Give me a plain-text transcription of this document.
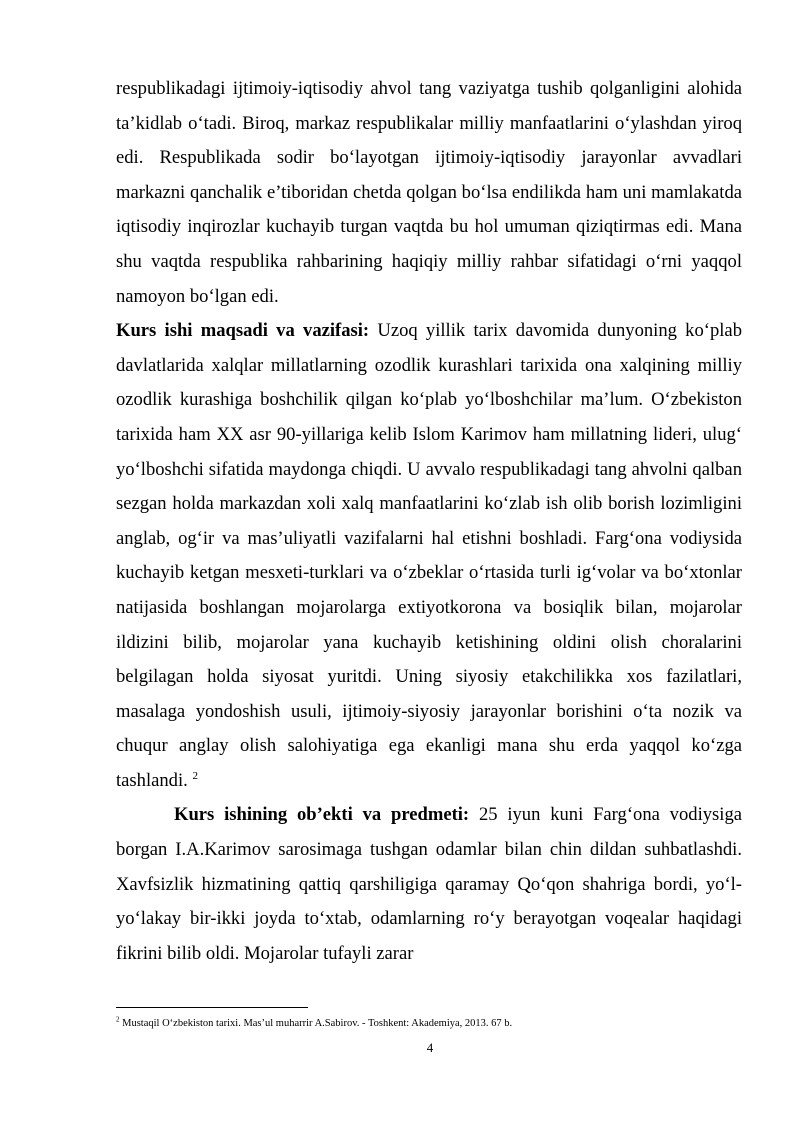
respublikadagi ijtimoiy-iqtisodiy ahvol tang vaziyatga tushib qolganligini alohida ta’kidlab o‘tadi. Biroq, markaz respublikalar milliy manfaatlarini o‘ylashdan yiroq edi. Respublikada sodir bo‘layotgan ijtimoiy-iqtisodiy jarayonlar avvadlari markazni qanchalik e’tiboridan chetda qolgan bo‘lsa endilikda ham uni mamlakatda iqtisodiy inqirozlar kuchayib turgan vaqtda bu hol umuman qiziqtirmas edi. Mana shu vaqtda respublika rahbarining haqiqiy milliy rahbar sifatidagi o‘rni yaqqol namoyon bo‘lgan edi.

Kurs ishi maqsadi va vazifasi: Uzoq yillik tarix davomida dunyoning ko‘plab davlatlarida xalqlar millatlarning ozodlik kurashlari tarixida ona xalqining milliy ozodlik kurashiga boshchilik qilgan ko‘plab yo‘lboshchilar ma’lum. O‘zbekiston tarixida ham XX asr 90-yillariga kelib Islom Karimov ham millatning lideri, ulug‘ yo‘lboshchi sifatida maydonga chiqdi. U avvalo respublikadagi tang ahvolni qalban sezgan holda markazdan xoli xalq manfaatlarini ko‘zlab ish olib borish lozimligini anglab, og‘ir va mas’uliyatli vazifalarni hal etishni boshladi. Farg‘ona vodiysida kuchayib ketgan mesxeti-turklari va o‘zbeklar o‘rtasida turli ig‘volar va bo‘xtonlar natijasida boshlangan mojarolarga extiyotkorona va bosiqlik bilan, mojarolar ildizini bilib, mojarolar yana kuchayib ketishining oldini olish choralarini belgilagan holda siyosat yuritdi. Uning siyosiy etakchilikka xos fazilatlari, masalaga yondoshish usuli, ijtimoiy-siyosiy jarayonlar borishini o‘ta nozik va chuqur anglay olish salohiyatiga ega ekanligi mana shu erda yaqqol ko‘zga tashlandi. $^2$

Kurs ishining ob’ekti va predmeti: 25 iyun kuni Farg‘ona vodiysiga borgan I.A.Karimov sarosimaga tushgan odamlar bilan chin dildan suhbatlashdi. Xavfsizlik hizmatining qattiq qarshiligiga qaramay Qo‘qon shahriga bordi, yo‘l-yo‘lakay bir-ikki joyda to‘xtab, odamlarning ro‘y berayotgan voqealar haqidagi fikrini bilib oldi. Mojarolar tufayli zarar

$^2$ Mustaqil O‘zbekiston tarixi. Mas’ul muharrir A.Sabirov. - Toshkent: Akademiya, 2013. 67 b.
4
